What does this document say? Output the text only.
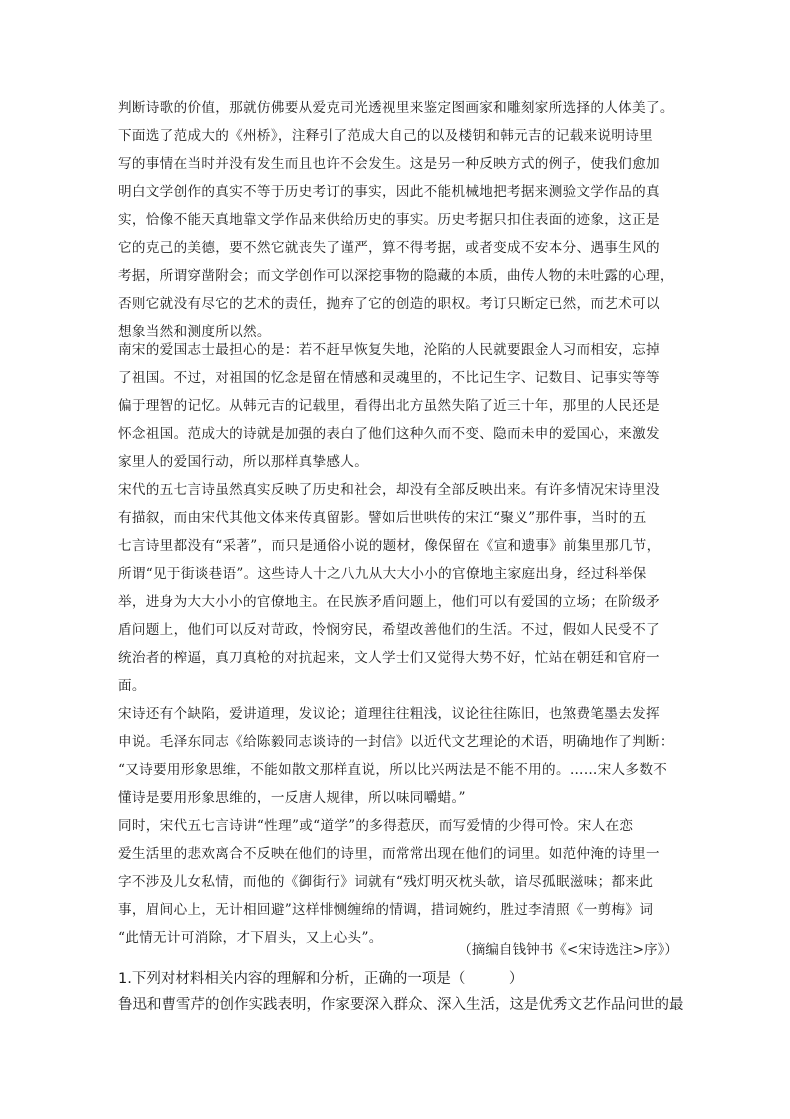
判断诗歌的价值，那就仿佛要从爱克司光透视里来鉴定图画家和雕刻家所选择的人体美了。
下面选了范成大的《州桥》，注释引了范成大自己的以及楼钥和韩元吉的记载来说明诗里
写的事情在当时并没有发生而且也许不会发生。这是另一种反映方式的例子，使我们愈加
明白文学创作的真实不等于历史考订的事实，因此不能机械地把考据来测验文学作品的真
实，恰像不能天真地靠文学作品来供给历史的事实。历史考据只扣住表面的迹象，这正是
它的克己的美德，要不然它就丧失了谨严，算不得考据，或者变成不安本分、遇事生风的
考据，所谓穿凿附会；而文学创作可以深挖事物的隐藏的本质，曲传人物的未吐露的心理，
否则它就没有尽它的艺术的责任，抛弃了它的创造的职权。考订只断定已然，而艺术可以
想象当然和测度所以然。
南宋的爱国志士最担心的是：若不赶早恢复失地，沦陷的人民就要跟金人习而相安，忘掉
了祖国。不过，对祖国的忆念是留在情感和灵魂里的，不比记生字、记数目、记事实等等
偏于理智的记忆。从韩元吉的记载里，看得出北方虽然失陷了近三十年，那里的人民还是
怀念祖国。范成大的诗就是加强的表白了他们这种久而不变、隐而未申的爱国心，来激发
家里人的爱国行动，所以那样真挚感人。
宋代的五七言诗虽然真实反映了历史和社会，却没有全部反映出来。有许多情况宋诗里没
有描叙，而由宋代其他文体来传真留影。譬如后世哄传的宋江“聚义”那件事，当时的五
七言诗里都没有“采著”，而只是通俗小说的题材，像保留在《宣和遗事》前集里那几节，
所谓“见于街谈巷语”。这些诗人十之八九从大大小小的官僚地主家庭出身，经过科举保
举，进身为大大小小的官僚地主。在民族矛盾问题上，他们可以有爱国的立场；在阶级矛
盾问题上，他们可以反对苛政，怜悯穷民，希望改善他们的生活。不过，假如人民受不了
统治者的榨逼，真刀真枪的对抗起来，文人学士们又觉得大势不好，忙站在朝廷和官府一
面。
宋诗还有个缺陷，爱讲道理，发议论；道理往往粗浅，议论往往陈旧，也煞费笔墨去发挥
申说。毛泽东同志《给陈毅同志谈诗的一封信》以近代文艺理论的术语，明确地作了判断：
“又诗要用形象思维，不能如散文那样直说，所以比兴两法是不能不用的。……宋人多数不
懂诗是要用形象思维的，一反唐人规律，所以味同嚼蜡。”
同时，宋代五七言诗讲“性理”或“道学”的多得惹厌，而写爱情的少得可怜。宋人在恋
爱生活里的悲欢离合不反映在他们的诗里，而常常出现在他们的词里。如范仲淹的诗里一
字不涉及儿女私情，而他的《御街行》词就有“残灯明灭枕头欹，谙尽孤眠滋味；都来此
事，眉间心上，无计相回避”这样悱恻缠绵的情调，措词婉约，胜过李清照《一剪梅》词
“此情无计可消除，才下眉头，又上心头”。
（摘编自钱钟书《<宋诗选注>序》）
1.下列对材料相关内容的理解和分析，正确的一项是（　　　）
鲁迅和曹雪芹的创作实践表明，作家要深入群众、深入生活，这是优秀文艺作品问世的最
